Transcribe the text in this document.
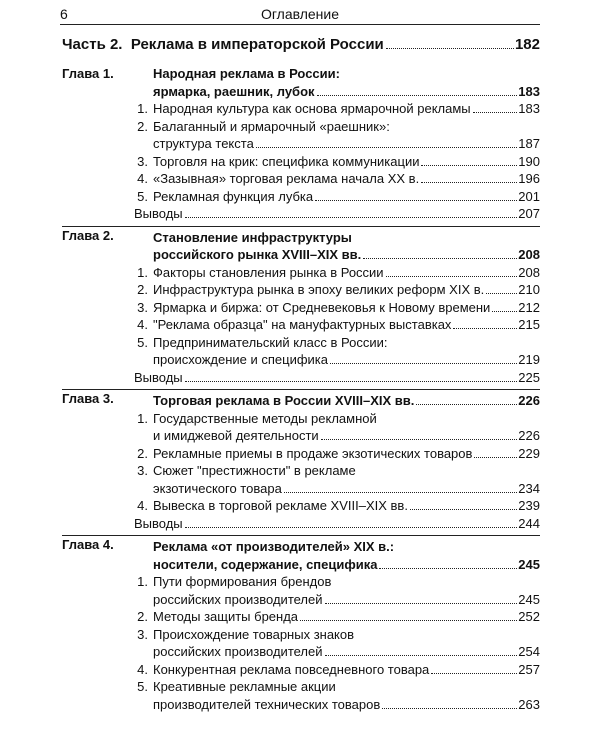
6	Оглавление
Часть 2. Реклама в императорской России	182
Глава 1.	Народная реклама в России:
ярмарка, раешник, лубок	183
1. Народная культура как основа ярмарочной рекламы	183
2. Балаганный и ярмарочный «раешник»:
структура текста	187
3. Торговля на крик: специфика коммуникации	190
4. «Зазывная» торговая реклама начала XX в.	196
5. Рекламная функция лубка	201
Выводы	207
Глава 2.	Становление инфраструктуры
российского рынка XVIII–XIX вв.	208
1. Факторы становления рынка в России	208
2. Инфраструктура рынка в эпоху великих реформ XIX в.	210
3. Ярмарка и биржа: от Средневековья к Новому времени 212
4. "Реклама образца" на мануфактурных выставках	215
5. Предпринимательский класс в России:
происхождение и специфика	219
Выводы	225
Глава 3.	Торговая реклама в России XVIII–XIX вв.	226
1. Государственные методы рекламной
и имиджевой деятельности	226
2. Рекламные приемы в продаже экзотических товаров	229
3. Сюжет "престижности" в рекламе
экзотического товара	234
4. Вывеска в торговой рекламе XVIII–XIX вв.	239
Выводы	244
Глава 4.	Реклама «от производителей» XIX в.:
носители, содержание, специфика	245
1. Пути формирования брендов
российских производителей	245
2. Методы защиты бренда	252
3. Происхождение товарных знаков
российских производителей	254
4. Конкурентная реклама повседневного товара	257
5. Креативные рекламные акции
производителей технических товаров	263
